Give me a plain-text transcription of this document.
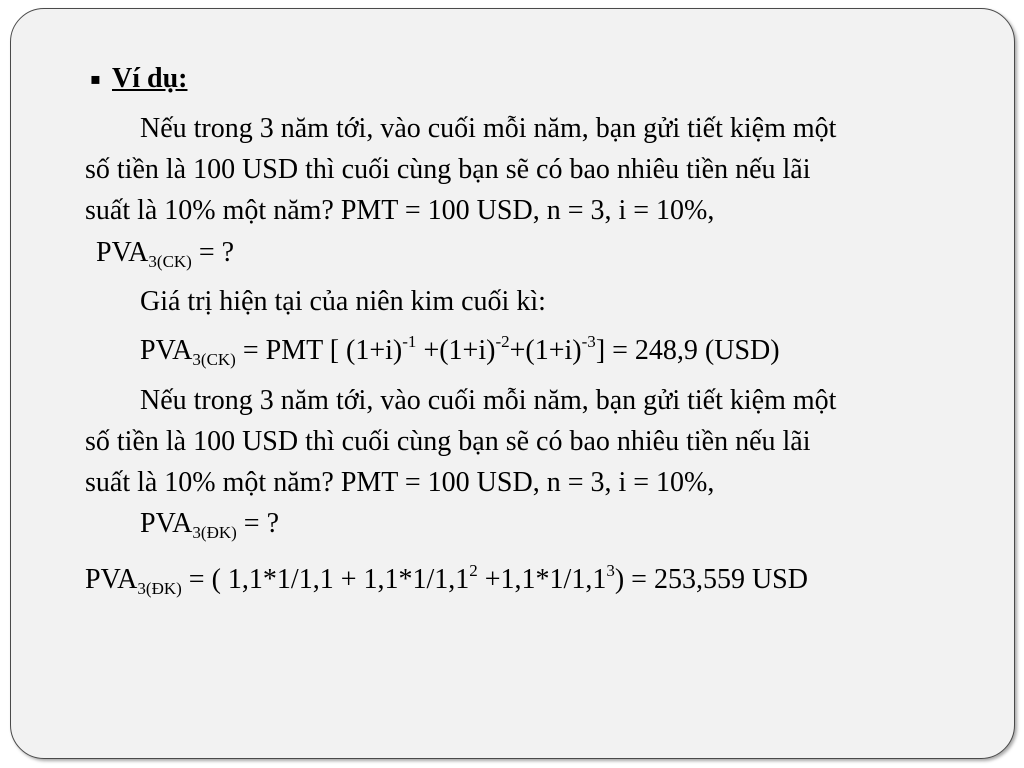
▪ Ví dụ:
Nếu trong 3 năm tới, vào cuối mỗi năm, bạn gửi tiết kiệm một
số tiền là 100 USD thì cuối cùng bạn sẽ có bao nhiêu tiền nếu lãi
suất là 10% một năm? PMT = 100 USD, n = 3, i = 10%,
$PVA_{3(CK)}$ = ?
Giá trị hiện tại của niên kim cuối kì:
$PVA_{3(CK)}$ = PMT [ $(1+i)^{-1} +(1+i)^{-2}+(1+i)^{-3}] = 248,9$ (USD)
Nếu trong 3 năm tới, vào cuối mỗi năm, bạn gửi tiết kiệm một
số tiền là 100 USD thì cuối cùng bạn sẽ có bao nhiêu tiền nếu lãi
suất là 10% một năm? PMT = 100 USD, n = 3, i = 10%,
$PVA_{3(ĐK)}$ = ?
$PVA_{3(ĐK)}$ = ( $1,1*1/1,1 + 1,1*1/1,1^2 +1,1*1/1,1^3) = 253,559$ USD
